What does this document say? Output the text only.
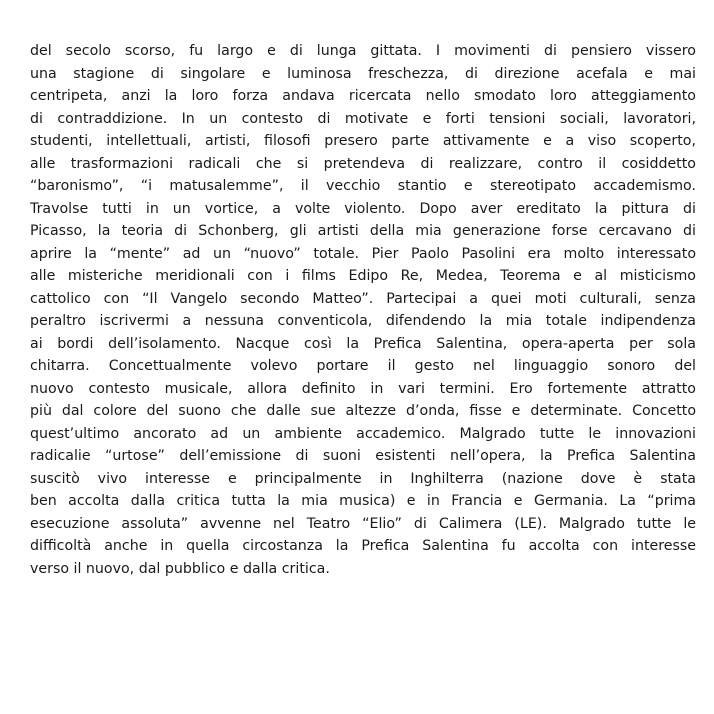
del secolo scorso, fu largo e di lunga gittata. I movimenti di pensiero vissero
una stagione di singolare e luminosa freschezza, di direzione acefala e mai
centripeta, anzi la loro forza andava ricercata nello smodato loro atteggiamento
di contraddizione. In un contesto di motivate e forti tensioni sociali, lavoratori,
studenti, intellettuali, artisti, filosofi presero parte attivamente e a viso scoperto,
alle trasformazioni radicali che si pretendeva di realizzare, contro il cosiddetto
“baronismo”, “i matusalemme”, il vecchio stantio e stereotipato accademismo.
Travolse tutti in un vortice, a volte violento. Dopo aver ereditato la pittura di
Picasso, la teoria di Schonberg, gli artisti della mia generazione forse cercavano di
aprire la “mente” ad un “nuovo” totale. Pier Paolo Pasolini era molto interessato
alle misteriche meridionali con i films Edipo Re, Medea, Teorema e al misticismo
cattolico con “Il Vangelo secondo Matteo”. Partecipai a quei moti culturali, senza
peraltro iscrivermi a nessuna conventicola, difendendo la mia totale indipendenza
ai bordi dell’isolamento. Nacque così la Prefica Salentina, opera-aperta per sola
chitarra. Concettualmente volevo portare il gesto nel linguaggio sonoro del
nuovo contesto musicale, allora definito in vari termini. Ero fortemente attratto
più dal colore del suono che dalle sue altezze d’onda, fisse e determinate. Concetto
quest’ultimo ancorato ad un ambiente accademico. Malgrado tutte le innovazioni
radicalie “urtose” dell’emissione di suoni esistenti nell’opera, la Prefica Salentina
suscitò vivo interesse e principalmente in Inghilterra (nazione dove è stata
ben accolta dalla critica tutta la mia musica) e in Francia e Germania. La “prima
esecuzione assoluta” avvenne nel Teatro “Elio” di Calimera (LE). Malgrado tutte le
difficoltà anche in quella circostanza la Prefica Salentina fu accolta con interesse
verso il nuovo, dal pubblico e dalla critica.
